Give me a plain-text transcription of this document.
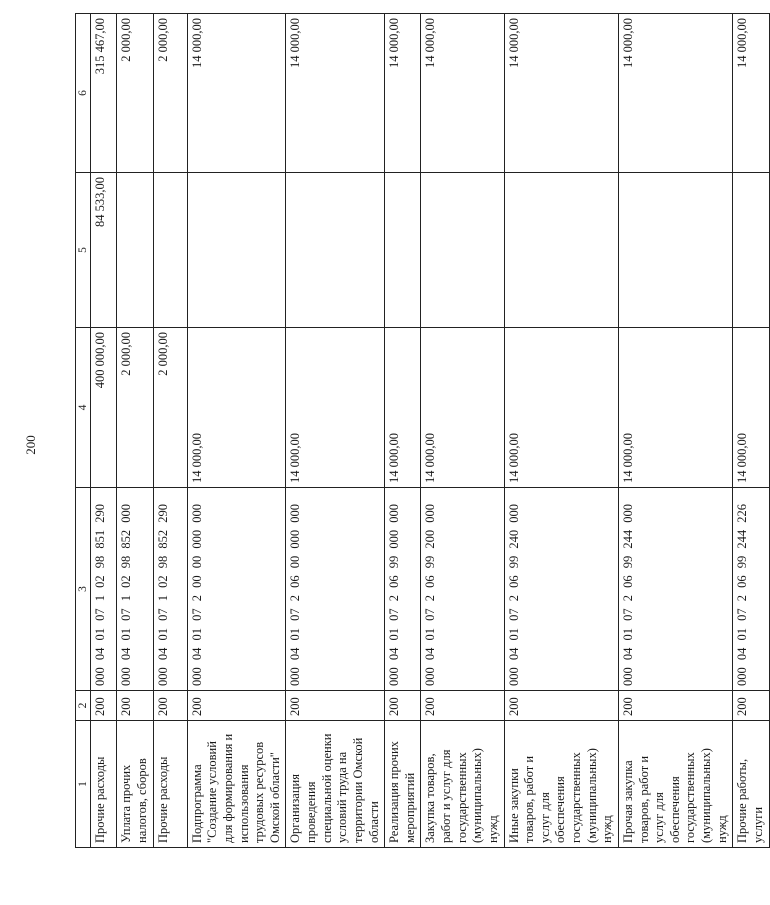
200
1	2	3	4	5	6
Прочие расходы	200	000 04 01 07 1 02 98 851 290	400 000,00	84 533,00	315 467,00
Уплата прочих налогов, сборов	200	000 04 01 07 1 02 98 852 000	2 000,00		2 000,00
Прочие расходы	200	000 04 01 07 1 02 98 852 290	2 000,00		2 000,00
Подпрограмма "Создание условий для формирования и использования трудовых ресурсов Омской области"	200	000 04 01 07 2 00 00 000 000	14 000,00		14 000,00
Организация проведения специальной оценки условий труда на территории Омской области	200	000 04 01 07 2 06 00 000 000	14 000,00		14 000,00
Реализация прочих мероприятий	200	000 04 01 07 2 06 99 000 000	14 000,00		14 000,00
Закупка товаров, работ и услуг для государственных (муниципальных) нужд	200	000 04 01 07 2 06 99 200 000	14 000,00		14 000,00
Иные закупки товаров, работ и услуг для обеспечения государственных (муниципальных) нужд	200	000 04 01 07 2 06 99 240 000	14 000,00		14 000,00
Прочая закупка товаров, работ и услуг для обеспечения государственных (муниципальных) нужд	200	000 04 01 07 2 06 99 244 000	14 000,00		14 000,00
Прочие работы, услуги	200	000 04 01 07 2 06 99 244 226	14 000,00		14 000,00
